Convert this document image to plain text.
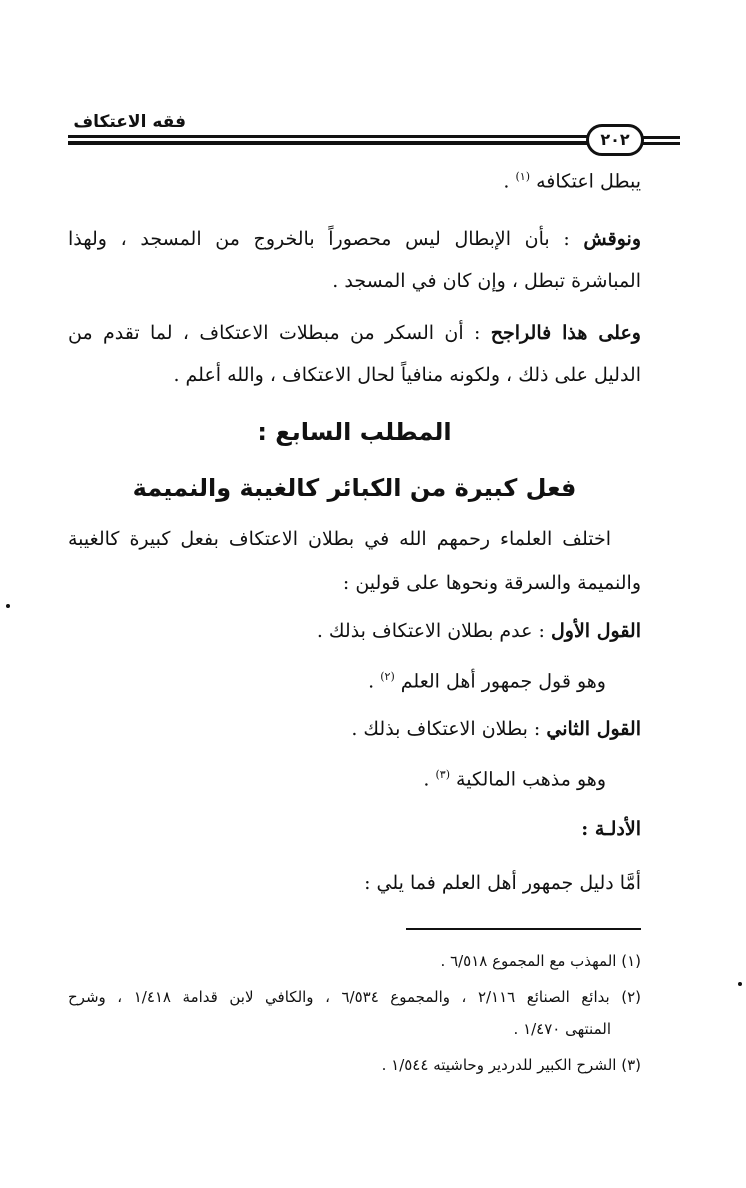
فقه الاعتكاف
٢٠٢
يبطل اعتكافه $^{(١)}$ .
ونوقش : بأن الإبطال ليس محصوراً بالخروج من المسجد ، ولهذا
المباشرة تبطل ، وإن كان في المسجد .
وعلى هذا فالراجح : أن السكر من مبطلات الاعتكاف ، لما تقدم من
الدليل على ذلك ، ولكونه منافياً لحال الاعتكاف ، والله أعلم .
المطلب السابع :
فعل كبيرة من الكبائر كالغيبة والنميمة
اختلف العلماء رحمهم الله في بطلان الاعتكاف بفعل كبيرة كالغيبة
والنميمة والسرقة ونحوها على قولين :
القول الأول : عدم بطلان الاعتكاف بذلك .
وهو قول جمهور أهل العلم $^{(٢)}$ .
القول الثاني : بطلان الاعتكاف بذلك .
وهو مذهب المالكية $^{(٣)}$ .
الأدلـة :
أمَّا دليل جمهور أهل العلم فما يلي :
(١) المهذب مع المجموع ٦/٥١٨ .
(٢) بدائع الصنائع ٢/١١٦ ، والمجموع ٦/٥٣٤ ، والكافي لابن قدامة ١/٤١٨ ، وشرح
المنتهى ١/٤٧٠ .
(٣) الشرح الكبير للدردير وحاشيته ١/٥٤٤ .
